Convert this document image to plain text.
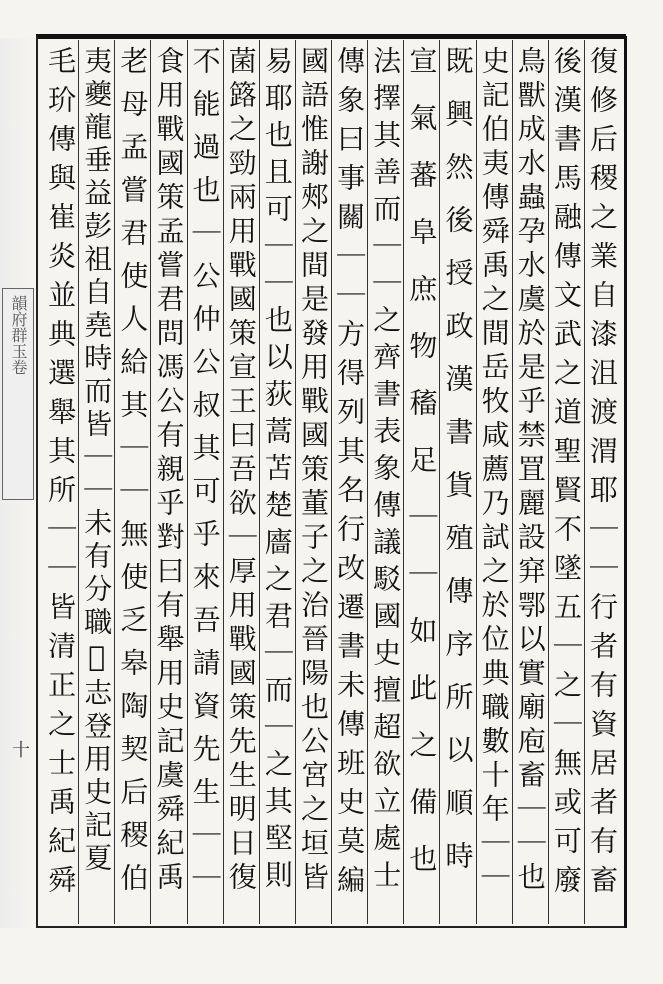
韻府群玉卷
十	復修后稷之業自漆沮渡渭耶｜｜行者有資居者有畜
後漢書馬融傳文武之道聖賢不墜五｜之｜無或可廢
鳥獸成水蟲孕水虞於是乎禁罝麗設穽鄂以實廟庖畜｜｜也
史記伯夷傳舜禹之間岳牧咸薦乃試之於位典職數十年｜｜
既興然後授政漢書貨殖傳序所以順時
宣氣蕃阜庶物稸足｜｜如此之備也
法擇其善而｜｜之齊書表象傳議駁國史擅超欲立處士
傳象曰事關｜｜方得列其名行改遷書未傳班史莫編
國語惟謝郟之間是發用戰國策董子之治晉陽也公宮之垣皆
易耶也且可｜｜也以荻蒿苫楚廧之君｜而｜之其堅則
菌簬之勁兩用戰國策宣王曰吾欲｜厚用戰國策先生明日復
不能過也｜公仲公叔其可乎來吾請資先生｜｜
食用戰國策孟嘗君問馮公有親乎對曰有舉用史記虞舜紀禹
老母孟嘗君使人給其｜｜無使乏皋陶契后稷伯
夷夔龍垂益彭祖自堯時而皆｜｜未有分職𧺖志登用史記夏
毛玠傳與崔炎並典選舉其所｜｜皆清正之士禹紀舜
